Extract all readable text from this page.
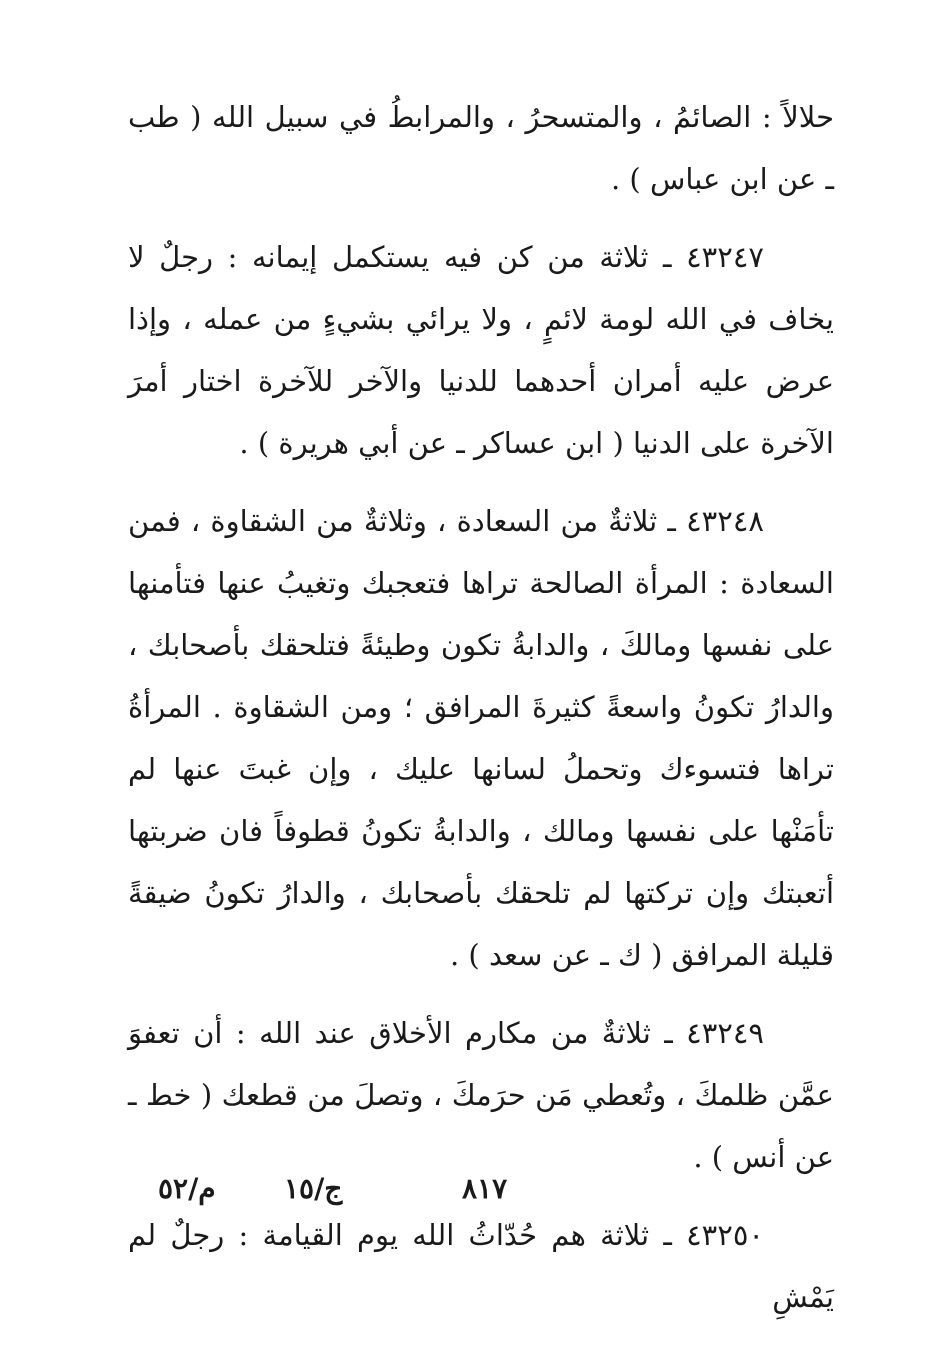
حلالاً : الصائمُ ، والمتسحرُ ، والمرابطُ في سبيل الله ( طب ـ عن ابن عباس ) .

٤٣٢٤٧ ـ ثلاثة من كن فيه يستكمل إيمانه : رجلٌ لا يخاف في الله لومة لائمٍ ، ولا يرائي بشيءٍ من عمله ، وإذا عرض عليه أمران أحدهما للدنيا والآخر للآخرة اختار أمرَ الآخرة على الدنيا ( ابن عساكر ـ عن أبي هريرة ) .

٤٣٢٤٨ ـ ثلاثةٌ من السعادة ، وثلاثةٌ من الشقاوة ، فمن السعادة : المرأة الصالحة تراها فتعجبك وتغيبُ عنها فتأمنها على نفسها ومالكَ ، والدابةُ تكون وطيئةً فتلحقك بأصحابك ، والدارُ تكونُ واسعةً كثيرةَ المرافق ؛ ومن الشقاوة . المرأةُ تراها فتسوءك وتحملُ لسانها عليك ، وإن غبتَ عنها لم تأمَنْها على نفسها ومالك ، والدابةُ تكونُ قطوفاً فان ضربتها أتعبتك وإن تركتها لم تلحقك بأصحابك ، والدارُ تكونُ ضيقةً قليلة المرافق ( ك ـ عن سعد ) .

٤٣٢٤٩ ـ ثلاثةٌ من مكارم الأخلاق عند الله : أن تعفوَ عمَّن ظلمكَ ، وتُعطي مَن حرَمكَ ، وتصلَ من قطعك ( خط ـ عن أنس ) .

٤٣٢٥٠ ـ ثلاثة هم حُدّاثُ الله يوم القيامة : رجلٌ لم يَمْشِ

٨١٧
ج/١٥
م/٥٢
